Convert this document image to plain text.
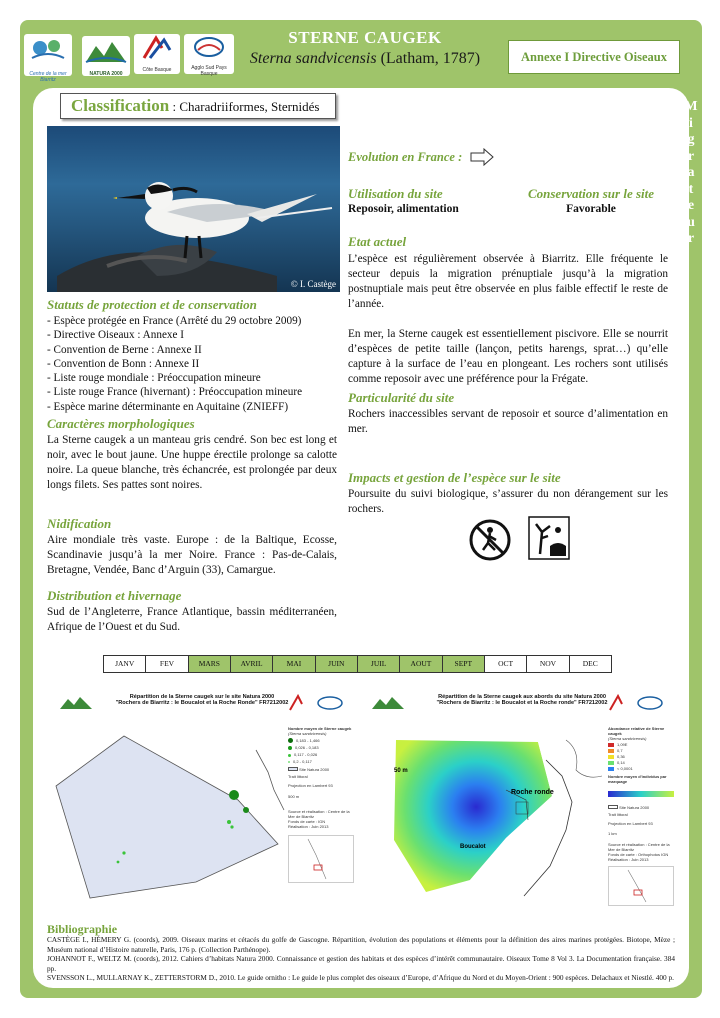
Centre de la mer Biarritz
NATURA 2000
Côte Basque	Agglo Sud Pays Basque
STERNE CAUGEK
Sterna sandvicensis (Latham, 1787)	Annexe I Directive Oiseaux
M
i
g
r
a
t
e
u
r
Classification : Charadriiformes, Sternidés
© I. Castège
Statuts de protection et de conservation
- Espèce protégée en France (Arrêté du 29 octobre 2009)
- Directive Oiseaux : Annexe I
- Convention de Berne : Annexe II
- Convention de Bonn : Annexe II
- Liste rouge mondiale : Préoccupation mineure
- Liste rouge France (hivernant) : Préoccupation mineure
- Espèce marine déterminante en Aquitaine (ZNIEFF)
Caractères morphologiques
La Sterne caugek a un manteau gris cendré. Son bec est long et noir, avec le bout jaune. Une huppe érectile prolonge sa calotte noire. La queue blanche, très échancrée, est prolongée par deux longs filets. Ses pattes sont noires.
Nidification
Aire mondiale très vaste. Europe : de la Baltique, Ecosse, Scandinavie jusqu’à la mer Noire. France : Pas-de-Calais, Bretagne, Vendée, Banc d’Arguin (33), Camargue.
Distribution et hivernage
Sud de l’Angleterre, France Atlantique, bassin méditerranéen, Afrique de l’Ouest et du Sud.
Evolution en France :
Utilisation du site
Reposoir, alimentation
Conservation sur le site
Favorable
Etat actuel
L’espèce est régulièrement observée à Biarritz. Elle fréquente le secteur depuis la migration prénuptiale jusqu’à la migration postnuptiale mais peut être observée en plus faible effectif le reste de l’année.
En mer, la Sterne caugek est essentiellement piscivore. Elle se nourrit d’espèces de petite taille (lançon, petits harengs, sprat…) qu’elle capture à la surface de l’eau en plongeant. Les rochers sont utilisés comme reposoir avec une préférence pour la Frégate.
Particularité du site
Rochers inaccessibles servant de reposoir et source d’alimentation en mer.
Impacts et gestion de l’espèce sur le site
Poursuite du suivi biologique, s’assurer du non dérangement sur les rochers.
JANV	FEV	MARS	AVRIL	MAI	JUIN	JUIL	AOUT	SEPT	OCT	NOV	DEC
Répartition de la Sterne caugek sur le site Natura 2000
"Rochers de Biarritz : le Boucalot et la Roche Ronde" FR7212002
Nombre moyen de Sterne caugek
(Sterna sandvicensis)
0,183 - 1,466
0,026 - 0,183
0,117 - 0,026
0,2 - 0,117
Site Natura 2000
Trait littoral
Projection en Lambert 93
500 m
Source et réalisation : Centre de la Mer de Biarritz
Fonds de carte : IGN
Réalisation : Juin 2013
Répartition de la Sterne caugek aux abords du site Natura 2000
"Rochers de Biarritz : le Boucalot et la Roche ronde" FR7212002
Roche ronde
Boucalot
50 m
Abondance relative de Sterne caugek
(Sterna sandvicensis)
1,09E
0,7
0,36
0,14
< 0,0001
Nombre moyen d'individus par marquage
Site Natura 2000
Trait littoral
Projection en Lambert 93
1 km
Source et réalisation : Centre de la Mer de Biarritz
Fonds de carte : Orthophotos IGN
Réalisation : Juin 2013
Bibliographie
CASTÈGE I., HÉMERY G. (coords), 2009. Oiseaux marins et cétacés du golfe de Gascogne. Répartition, évolution des populations et éléments pour la définition des aires marines protégées. Biotope, Mèze ; Muséum national d’Histoire naturelle, Paris, 176 p. (Collection Parthénope).
JOHANNOT F., WELTZ M. (coords), 2012. Cahiers d’habitats Natura 2000. Connaissance et gestion des habitats et des espèces d’intérêt communautaire. Oiseaux Tome 8 Vol 3. La Documentation française. 384 pp.
SVENSSON L., MULLARNAY K., ZETTERSTORM D., 2010. Le guide ornitho : Le guide le plus complet des oiseaux d’Europe, d’Afrique du Nord et du Moyen-Orient : 900 espèces. Delachaux et Niestlé. 400 p.
